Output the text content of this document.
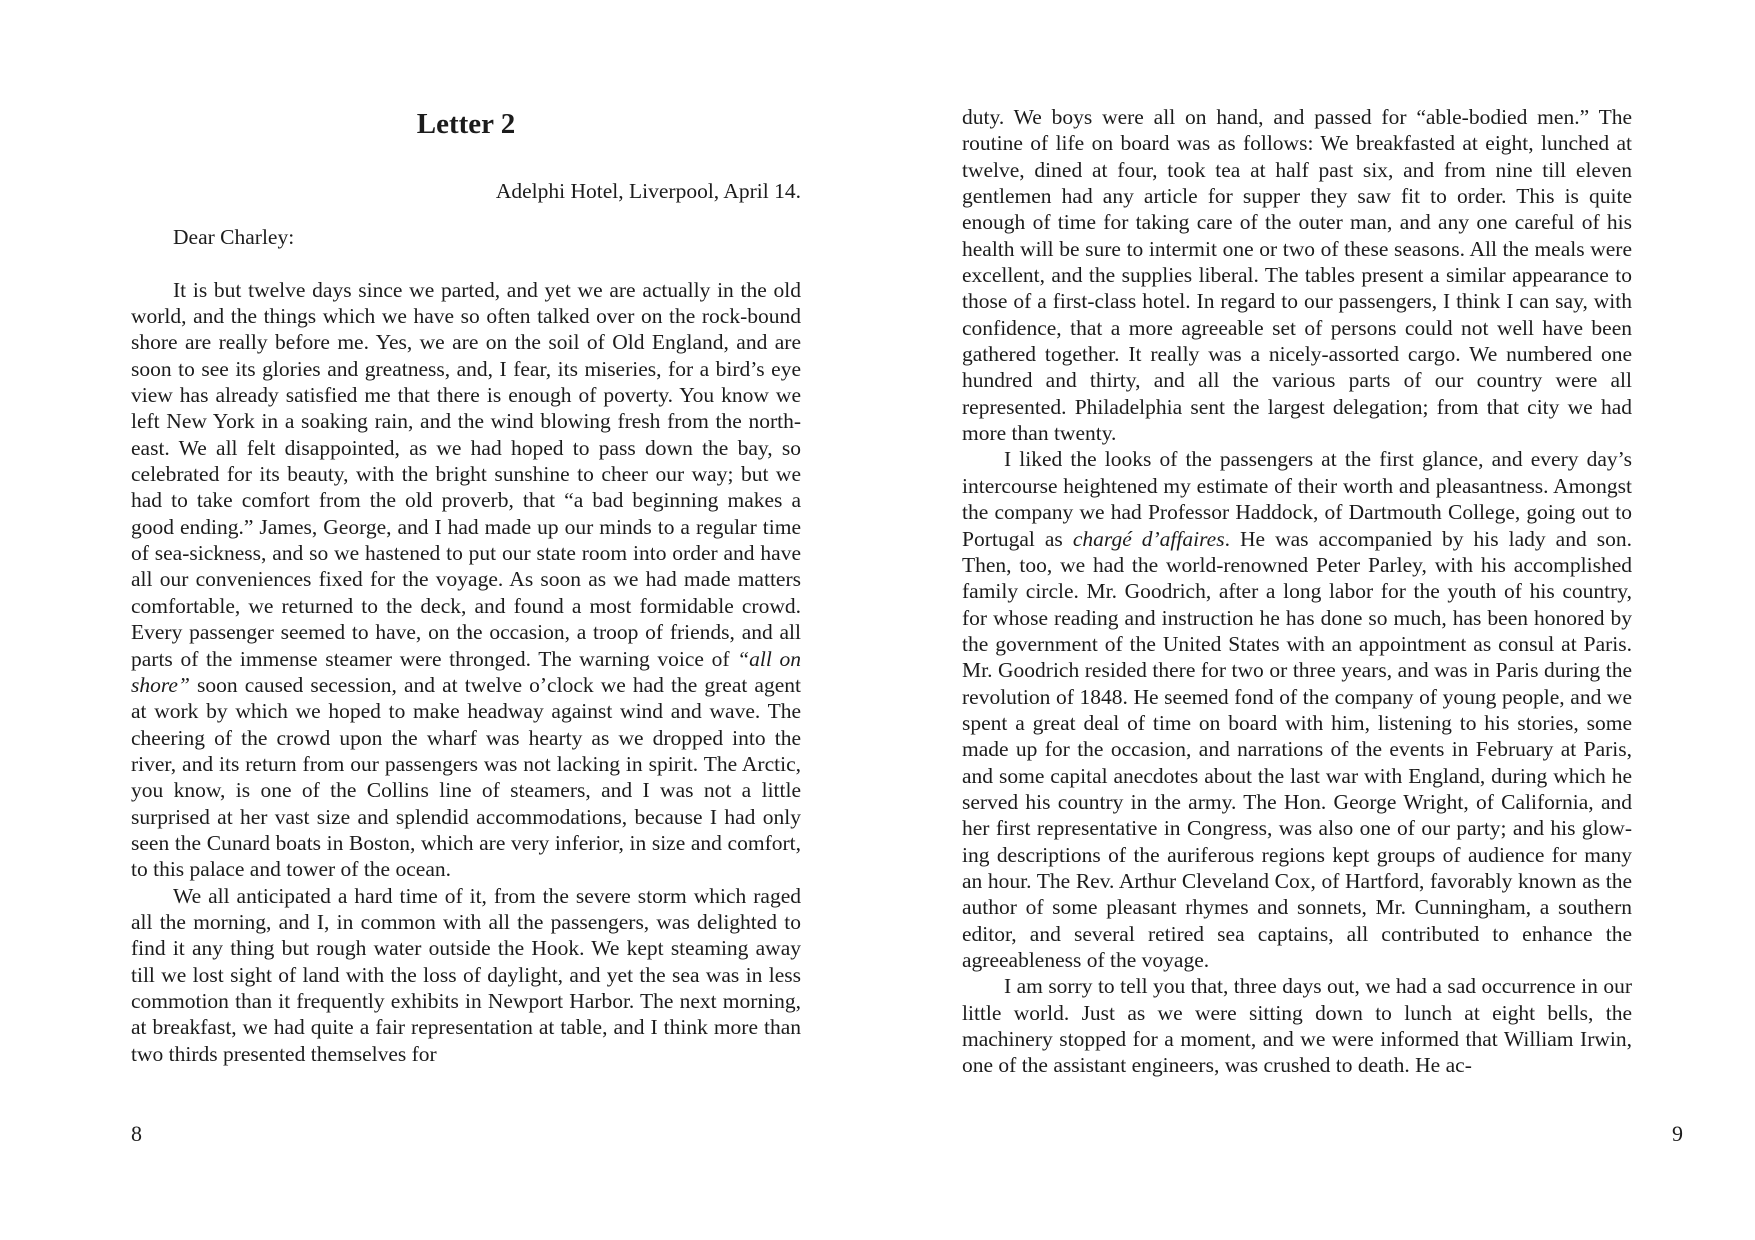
Letter 2

Adelphi Hotel, Liverpool, April 14.

Dear Charley:

It is but twelve days since we parted, and yet we are actually in the old world, and the things which we have so often talked over on the rock-bound shore are really before me. Yes, we are on the soil of Old England, and are soon to see its glories and greatness, and, I fear, its miseries, for a bird’s eye view has already satisfied me that there is enough of poverty. You know we left New York in a soaking rain, and the wind blowing fresh from the north-east. We all felt disappointed, as we had hoped to pass down the bay, so celebrated for its beauty, with the bright sunshine to cheer our way; but we had to take comfort from the old proverb, that “a bad beginning makes a good ending.” James, George, and I had made up our minds to a regular time of sea-sickness, and so we hastened to put our state room into order and have all our conveniences fixed for the voyage. As soon as we had made matters comfortable, we returned to the deck, and found a most formidable crowd. Every passenger seemed to have, on the occasion, a troop of friends, and all parts of the immense steamer were thronged. The warning voice of “all on shore” soon caused secession, and at twelve o’clock we had the great agent at work by which we hoped to make headway against wind and wave. The cheering of the crowd upon the wharf was hearty as we dropped into the river, and its return from our passengers was not lacking in spirit. The Arctic, you know, is one of the Collins line of steamers, and I was not a little surprised at her vast size and splendid accommodations, because I had only seen the Cunard boats in Boston, which are very inferior, in size and comfort, to this palace and tower of the ocean.

We all anticipated a hard time of it, from the severe storm which raged all the morning, and I, in common with all the passengers, was delighted to find it any thing but rough water outside the Hook. We kept steaming away till we lost sight of land with the loss of daylight, and yet the sea was in less commotion than it frequently exhibits in Newport Harbor. The next morning, at breakfast, we had quite a fair representation at table, and I think more than two thirds presented themselves for

8

duty. We boys were all on hand, and passed for “able-bodied men.” The routine of life on board was as follows: We breakfasted at eight, lunched at twelve, dined at four, took tea at half past six, and from nine till eleven gentlemen had any article for supper they saw fit to order. This is quite enough of time for taking care of the outer man, and any one careful of his health will be sure to intermit one or two of these seasons. All the meals were excellent, and the supplies liberal. The tables present a similar appearance to those of a first-class hotel. In regard to our passengers, I think I can say, with confidence, that a more agreeable set of persons could not well have been gathered together. It really was a nicely-assorted cargo. We numbered one hundred and thirty, and all the various parts of our country were all represented. Philadelphia sent the largest delegation; from that city we had more than twenty.

I liked the looks of the passengers at the first glance, and every day’s intercourse heightened my estimate of their worth and pleasantness. Amongst the company we had Professor Haddock, of Dartmouth College, going out to Portugal as chargé d’affaires. He was accompanied by his lady and son. Then, too, we had the world-renowned Peter Parley, with his accomplished family circle. Mr. Goodrich, after a long labor for the youth of his country, for whose reading and instruction he has done so much, has been honored by the government of the United States with an appointment as consul at Paris. Mr. Goodrich resided there for two or three years, and was in Paris during the revolution of 1848. He seemed fond of the company of young people, and we spent a great deal of time on board with him, listening to his stories, some made up for the occasion, and narrations of the events in February at Paris, and some capital anecdotes about the last war with England, during which he served his country in the army. The Hon. George Wright, of California, and her first representative in Congress, was also one of our party; and his glowing descriptions of the auriferous regions kept groups of audience for many an hour. The Rev. Arthur Cleveland Cox, of Hartford, favorably known as the author of some pleasant rhymes and sonnets, Mr. Cunningham, a southern editor, and several retired sea captains, all contributed to enhance the agreeableness of the voyage.

I am sorry to tell you that, three days out, we had a sad occurrence in our little world. Just as we were sitting down to lunch at eight bells, the machinery stopped for a moment, and we were informed that William Irwin, one of the assistant engineers, was crushed to death. He ac-

9
